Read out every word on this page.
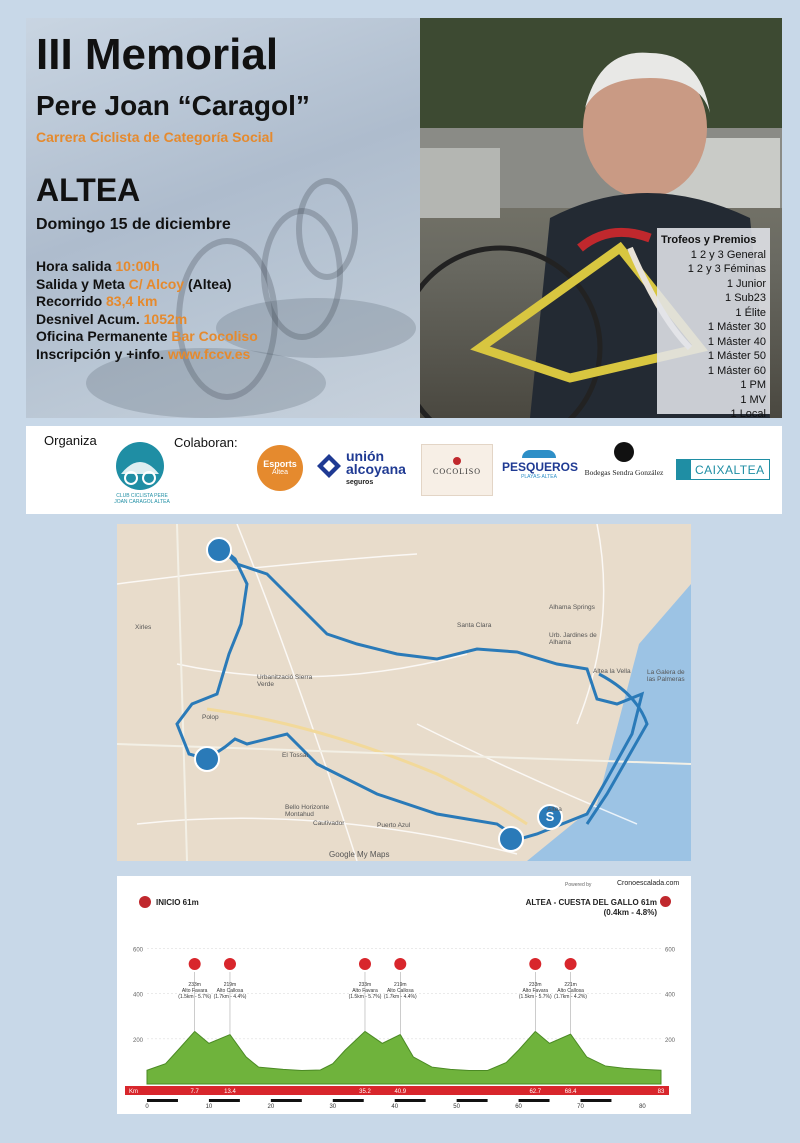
III Memorial
Pere Joan “Caragol”
Carrera Ciclista de Categoría Social
ALTEA
Domingo 15 de diciembre
Hora salida 10:00h
Salida y Meta C/ Alcoy (Altea)
Recorrido 83,4 km
Desnivel Acum. 1052m
Oficina Permanente Bar Cocoliso
Inscripción y +info. www.fccv.es
Trofeos y Premios
1 2 y 3 General
1 2 y 3 Féminas
1 Junior
1 Sub23
1 Élite
1 Máster 30
1 Máster 40
1 Máster 50
1 Máster 60
1 PM
1 MV
1 Local
Organiza
CLUB CICLISTA PERE JOAN CARAGOL ALTEA
Colaboran:
Esports
Altea
unión
alcoyana
seguros
COCOLISO	PESQUEROS
PLAYAS·ALTEA	Bodegas Sendra González	CAIXALTEA
S
Xirles
Urbanització Sierra Verde
Polop
El Tossal
Santa Clara
Alhama Springs
Urb. Jardines de Alhama
Altea la Vella	La Galera de las Palmeras
Bello Horizonte Montahud
Cautivador	Puerto Azul
Altea
Google My Maps
Powered by	Cronoescalada.com
INICIO 61m	ALTEA - CUESTA DEL GALLO 61m
(0.4km - 4.8%)
600	600
400	400
200	200
Km	7.7	13.4	35.2	40.9	62.7	68.4	83
0	10	20	30	40	50	60	70	80
233m
Alto Favara
(1.5km - 5.7%)
219m
Alto Callosa
(1.7km - 4.4%)
233m
Alto Favara
(1.5km - 5.7%)
219m
Alto Callosa
(1.7km - 4.4%)
233m
Alto Favara
(1.5km - 5.7%)
221m
Alto Callosa
(1.7km - 4.2%)
